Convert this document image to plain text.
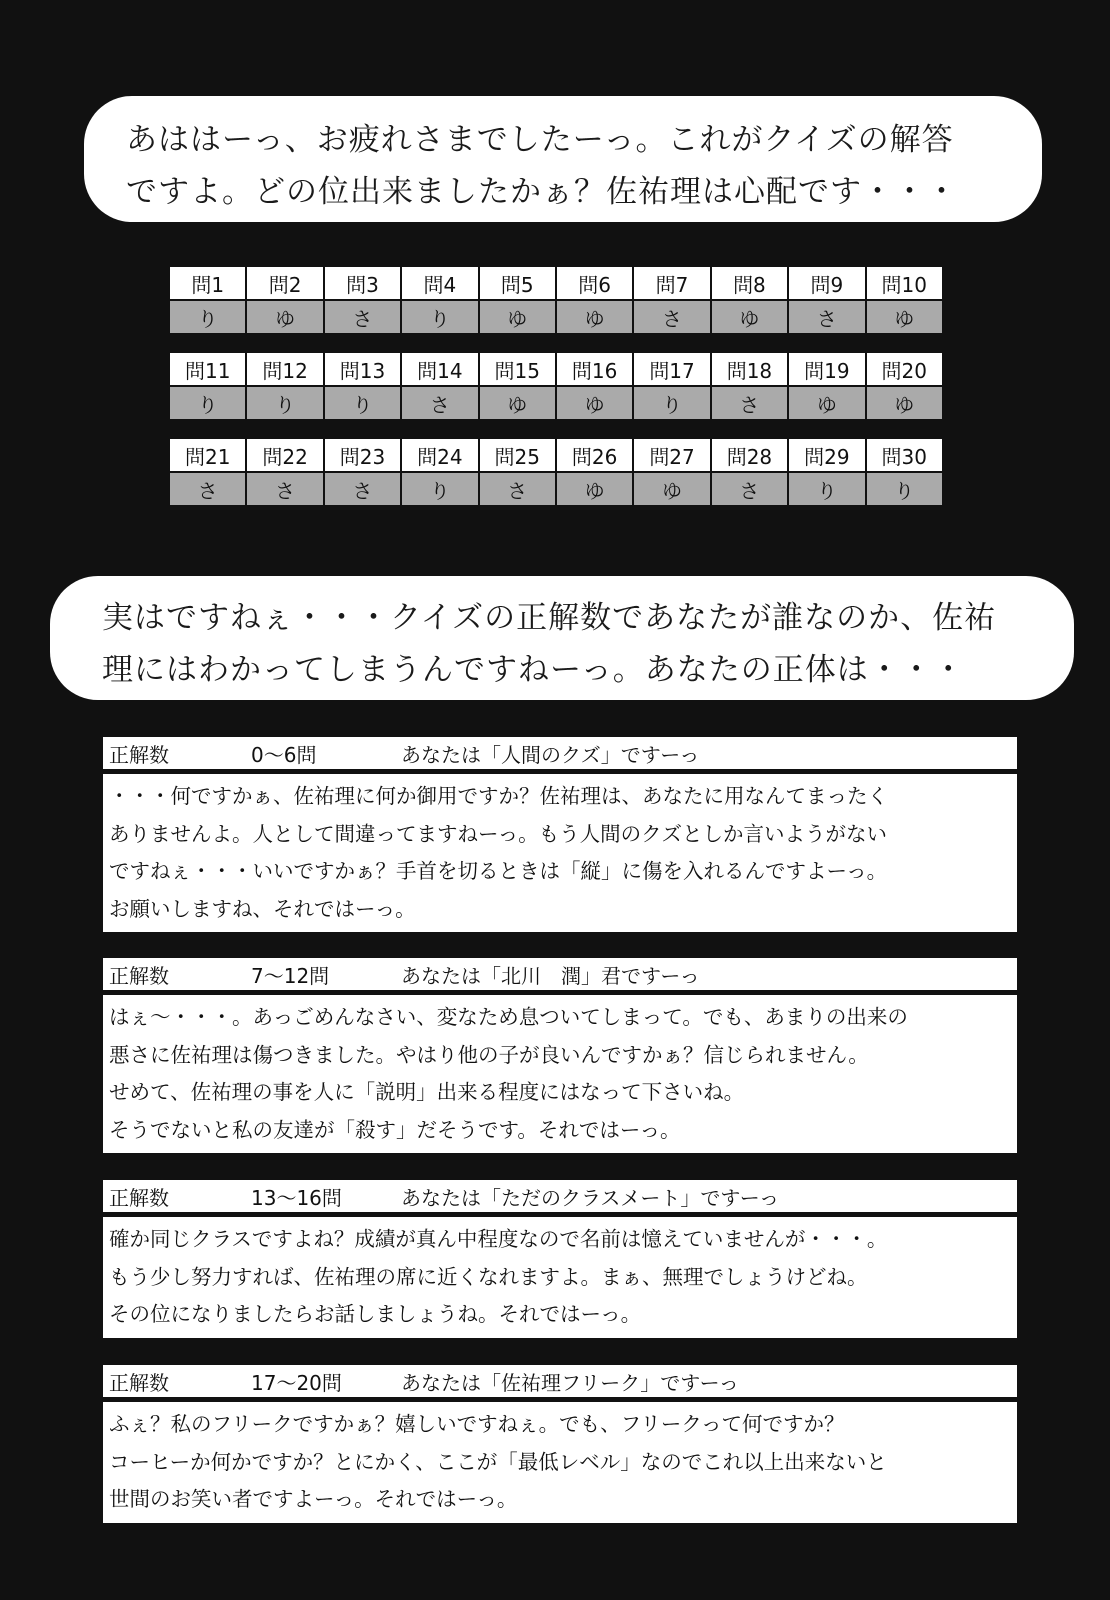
あははーっ、お疲れさまでしたーっ。これがクイズの解答
ですよ。どの位出来ましたかぁ？佐祐理は心配です・・・
問1	問2	問3	問4	問5	問6	問7	問8	問9	問10
り	ゆ	さ	り	ゆ	ゆ	さ	ゆ	さ	ゆ
問11	問12	問13	問14	問15	問16	問17	問18	問19	問20
り	り	り	さ	ゆ	ゆ	り	さ	ゆ	ゆ
問21	問22	問23	問24	問25	問26	問27	問28	問29	問30
さ	さ	さ	り	さ	ゆ	ゆ	さ	り	り
実はですねぇ・・・クイズの正解数であなたが誰なのか、佐祐
理にはわかってしまうんですねーっ。あなたの正体は・・・
正解数	0～6問	あなたは「人間のクズ」ですーっ
・・・何ですかぁ、佐祐理に何か御用ですか？佐祐理は、あなたに用なんてまったく
ありませんよ。人として間違ってますねーっ。もう人間のクズとしか言いようがない
ですねぇ・・・いいですかぁ？手首を切るときは「縦」に傷を入れるんですよーっ。
お願いしますね、それではーっ。
正解数	7～12問	あなたは「北川　潤」君ですーっ
はぇ～・・・。あっごめんなさい、変なため息ついてしまって。でも、あまりの出来の
悪さに佐祐理は傷つきました。やはり他の子が良いんですかぁ？信じられません。
せめて、佐祐理の事を人に「説明」出来る程度にはなって下さいね。
そうでないと私の友達が「殺す」だそうです。それではーっ。
正解数	13～16問	あなたは「ただのクラスメート」ですーっ
確か同じクラスですよね？成績が真ん中程度なので名前は憶えていませんが・・・。
もう少し努力すれば、佐祐理の席に近くなれますよ。まぁ、無理でしょうけどね。
その位になりましたらお話しましょうね。それではーっ。
正解数	17～20問	あなたは「佐祐理フリーク」ですーっ
ふぇ？私のフリークですかぁ？嬉しいですねぇ。でも、フリークって何ですか？
コーヒーか何かですか？とにかく、ここが「最低レベル」なのでこれ以上出来ないと
世間のお笑い者ですよーっ。それではーっ。
